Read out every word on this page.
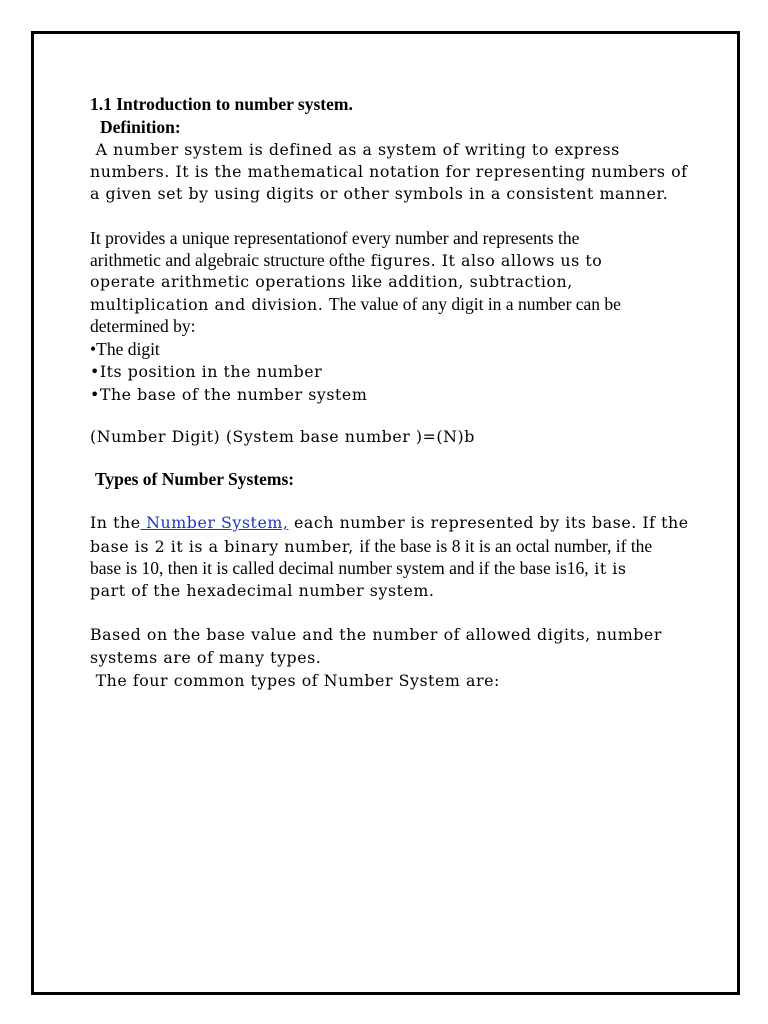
1.1 Introduction to number system.
Definition:
A number system is defined as a system of writing to express
numbers. It is the mathematical notation for representing numbers of
a given set by using digits or other symbols in a consistent manner.
It provides a unique representationof every number and represents the
arithmetic and algebraic structure ofthe figures. It also allows us to
operate arithmetic operations like addition, subtraction,
multiplication and division. The value of any digit in a number can be
determined by:
•The digit
•Its position in the number
•The base of the number system
(Number Digit) (System base number )=(N)b
Types of Number Systems:
In the Number System, each number is represented by its base. If the
base is 2 it is a binary number, if the base is 8 it is an octal number, if the
base is 10, then it is called decimal number system and if the base is16, it is
part of the hexadecimal number system.
Based on the base value and the number of allowed digits, number
systems are of many types.
The four common types of Number System are:
